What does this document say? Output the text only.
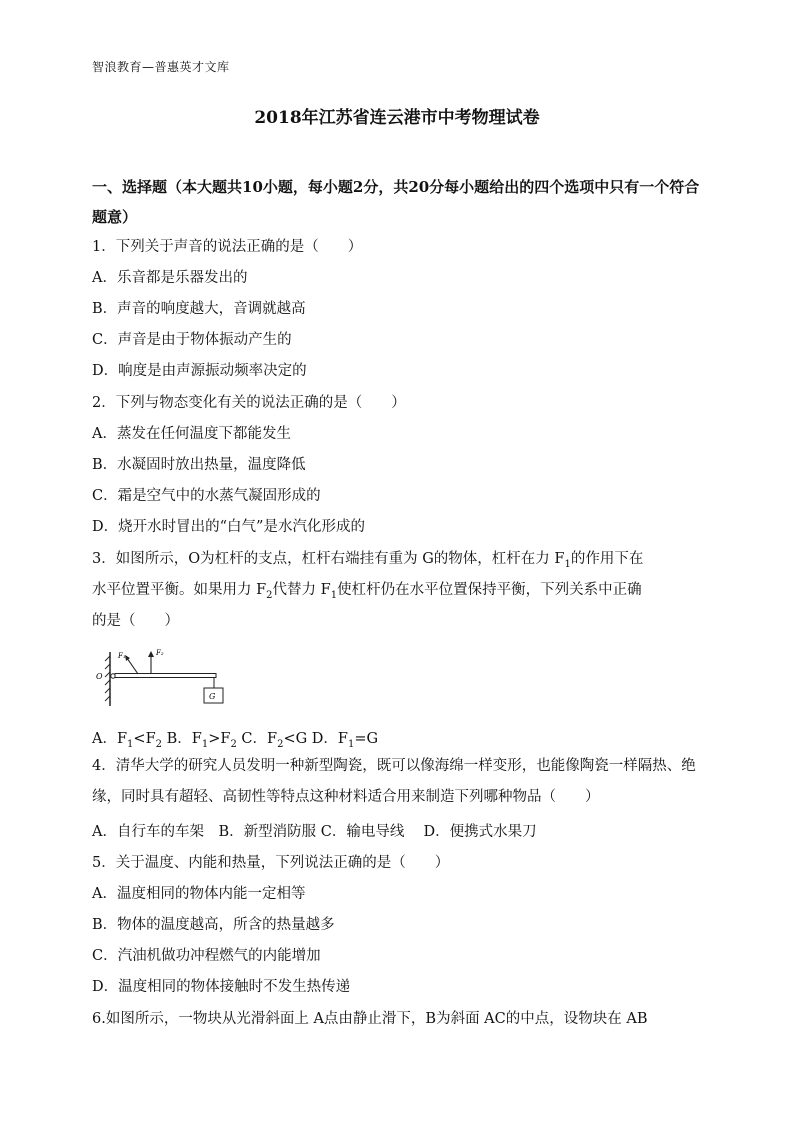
智浪教育—普惠英才文库
2018年江苏省连云港市中考物理试卷
一、选择题（本大题共10小题，每小题2分，共20分每小题给出的四个选项中只有一个符合题意）
1．下列关于声音的说法正确的是（　　）
A．乐音都是乐器发出的
B．声音的响度越大，音调就越高
C．声音是由于物体振动产生的
D．响度是由声源振动频率决定的
2．下列与物态变化有关的说法正确的是（　　）
A．蒸发在任何温度下都能发生
B．水凝固时放出热量，温度降低
C．霜是空气中的水蒸气凝固形成的
D．烧开水时冒出的“白气”是水汽化形成的
3．如图所示，O为杠杆的支点，杠杆右端挂有重为 G的物体，杠杆在力 $F_1$的作用下在
水平位置平衡。如果用力 $F_2$代替力 $F_1$使杠杆仍在水平位置保持平衡，下列关系中正确
的是（　　）
O
F₁	F₂
G
A．$F_1<F_2$ B．$F_1>F_2$ C．$F_2<G$ D．$F_1=G$
4．清华大学的研究人员发明一种新型陶瓷，既可以像海绵一样变形，也能像陶瓷一样隔热、绝缘，同时具有超轻、高韧性等特点这种材料适合用来制造下列哪种物品（　　）
A．自行车的车架　B．新型消防服 C．输电导线　 D．便携式水果刀
5．关于温度、内能和热量，下列说法正确的是（　　）
A．温度相同的物体内能一定相等
B．物体的温度越高，所含的热量越多
C．汽油机做功冲程燃气的内能增加
D．温度相同的物体接触时不发生热传递
6.如图所示，一物块从光滑斜面上 A点由静止滑下，B为斜面 AC的中点，设物块在 AB
